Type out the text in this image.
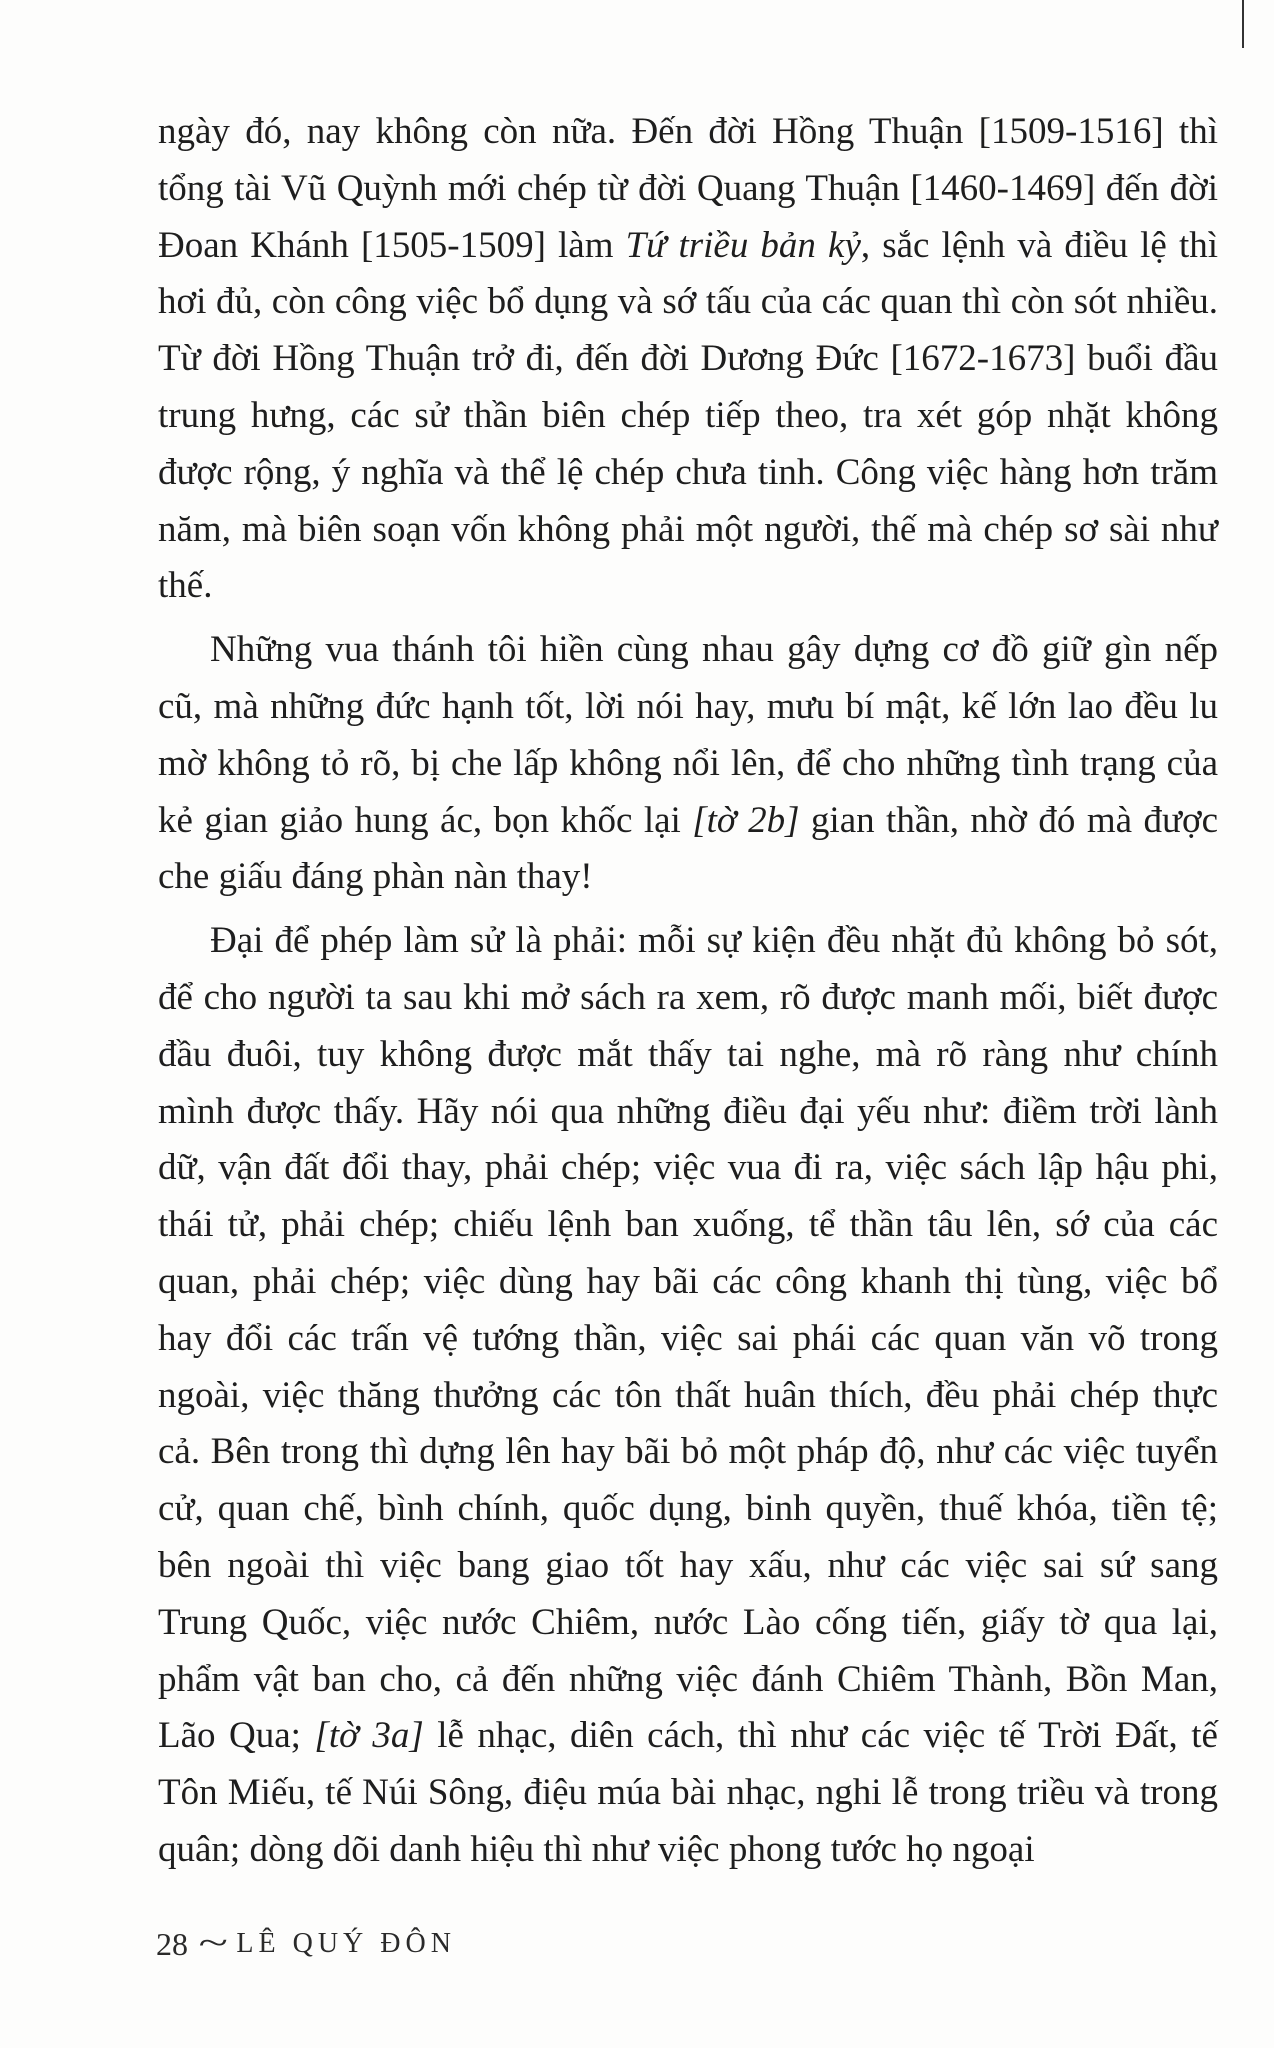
ngày đó, nay không còn nữa. Đến đời Hồng Thuận [1509-1516] thì tổng tài Vũ Quỳnh mới chép từ đời Quang Thuận [1460-1469] đến đời Đoan Khánh [1505-1509] làm Tứ triều bản kỷ, sắc lệnh và điều lệ thì hơi đủ, còn công việc bổ dụng và sớ tấu của các quan thì còn sót nhiều. Từ đời Hồng Thuận trở đi, đến đời Dương Đức [1672-1673] buổi đầu trung hưng, các sử thần biên chép tiếp theo, tra xét góp nhặt không được rộng, ý nghĩa và thể lệ chép chưa tinh. Công việc hàng hơn trăm năm, mà biên soạn vốn không phải một người, thế mà chép sơ sài như thế.

Những vua thánh tôi hiền cùng nhau gây dựng cơ đồ giữ gìn nếp cũ, mà những đức hạnh tốt, lời nói hay, mưu bí mật, kế lớn lao đều lu mờ không tỏ rõ, bị che lấp không nổi lên, để cho những tình trạng của kẻ gian giảo hung ác, bọn khốc lại [tờ 2b] gian thần, nhờ đó mà được che giấu đáng phàn nàn thay!

Đại để phép làm sử là phải: mỗi sự kiện đều nhặt đủ không bỏ sót, để cho người ta sau khi mở sách ra xem, rõ được manh mối, biết được đầu đuôi, tuy không được mắt thấy tai nghe, mà rõ ràng như chính mình được thấy. Hãy nói qua những điều đại yếu như: điềm trời lành dữ, vận đất đổi thay, phải chép; việc vua đi ra, việc sách lập hậu phi, thái tử, phải chép; chiếu lệnh ban xuống, tể thần tâu lên, sớ của các quan, phải chép; việc dùng hay bãi các công khanh thị tùng, việc bổ hay đổi các trấn vệ tướng thần, việc sai phái các quan văn võ trong ngoài, việc thăng thưởng các tôn thất huân thích, đều phải chép thực cả. Bên trong thì dựng lên hay bãi bỏ một pháp độ, như các việc tuyển cử, quan chế, bình chính, quốc dụng, binh quyền, thuế khóa, tiền tệ; bên ngoài thì việc bang giao tốt hay xấu, như các việc sai sứ sang Trung Quốc, việc nước Chiêm, nước Lào cống tiến, giấy tờ qua lại, phẩm vật ban cho, cả đến những việc đánh Chiêm Thành, Bồn Man, Lão Qua; [tờ 3a] lễ nhạc, diên cách, thì như các việc tế Trời Đất, tế Tôn Miếu, tế Núi Sông, điệu múa bài nhạc, nghi lễ trong triều và trong quân; dòng dõi danh hiệu thì như việc phong tước họ ngoại

28 ~ LÊ QUÝ ĐÔN
